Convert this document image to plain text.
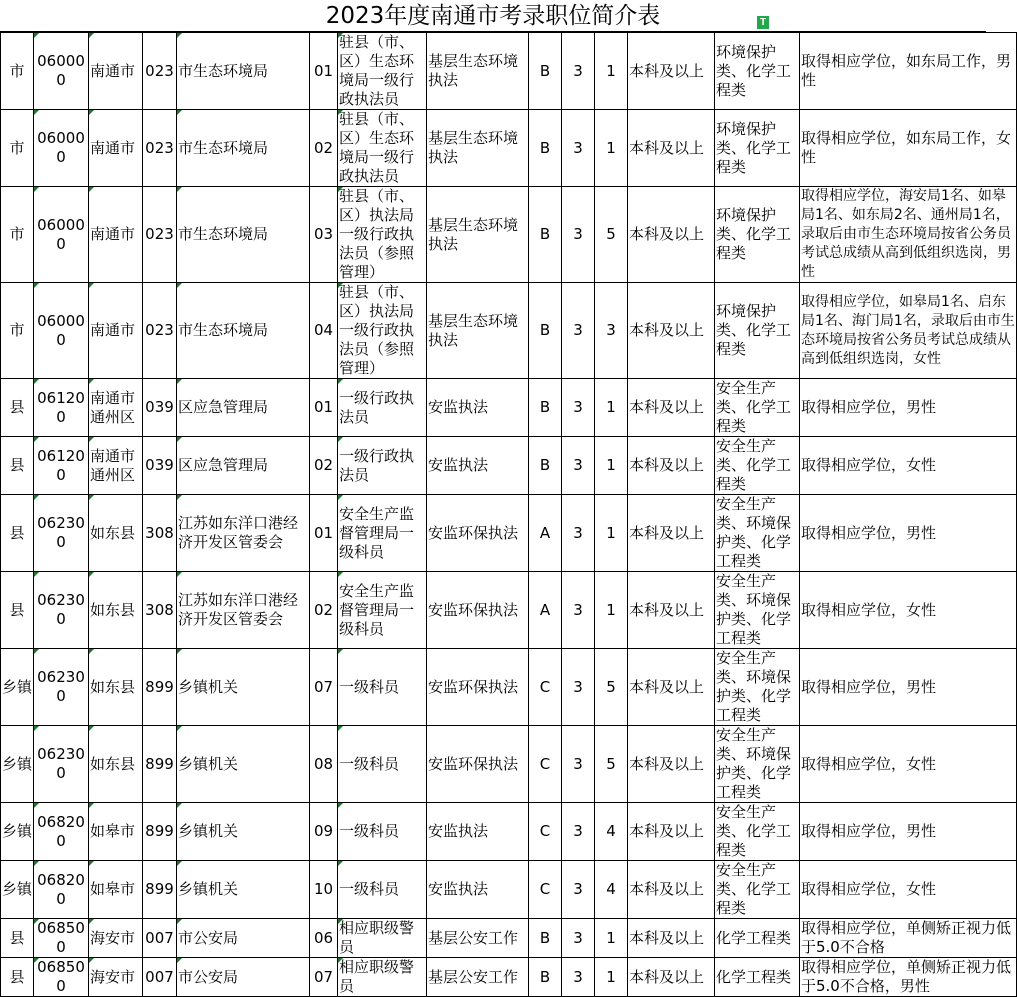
2023年度南通市考录职位简介表	T
市	060000	南通市	023	市生态环境局	01	驻县（市、区）生态环境局一级行政执法员	基层生态环境执法	B	3	1	本科及以上	环境保护类、化学工程类	取得相应学位，如东局工作，男性
市	060000	南通市	023	市生态环境局	02	驻县（市、区）生态环境局一级行政执法员	基层生态环境执法	B	3	1	本科及以上	环境保护类、化学工程类	取得相应学位，如东局工作，女性
市	060000	南通市	023	市生态环境局	03	驻县（市、区）执法局一级行政执法员（参照管理）	基层生态环境执法	B	3	5	本科及以上	环境保护类、化学工程类	取得相应学位，海安局1名、如皋局1名、如东局2名、通州局1名，录取后由市生态环境局按省公务员考试总成绩从高到低组织选岗，男性
市	060000	南通市	023	市生态环境局	04	驻县（市、区）执法局一级行政执法员（参照管理）	基层生态环境执法	B	3	3	本科及以上	环境保护类、化学工程类	取得相应学位，如皋局1名、启东局1名、海门局1名，录取后由市生态环境局按省公务员考试总成绩从高到低组织选岗，女性
县	061200	南通市通州区	039	区应急管理局	01	一级行政执法员	安监执法	B	3	1	本科及以上	安全生产类、化学工程类	取得相应学位，男性
县	061200	南通市通州区	039	区应急管理局	02	一级行政执法员	安监执法	B	3	1	本科及以上	安全生产类、化学工程类	取得相应学位，女性
县	062300	如东县	308	江苏如东洋口港经济开发区管委会	01	安全生产监督管理局一级科员	安监环保执法	A	3	1	本科及以上	安全生产类、环境保护类、化学工程类	取得相应学位，男性
县	062300	如东县	308	江苏如东洋口港经济开发区管委会	02	安全生产监督管理局一级科员	安监环保执法	A	3	1	本科及以上	安全生产类、环境保护类、化学工程类	取得相应学位，女性
乡镇	062300	如东县	899	乡镇机关	07	一级科员	安监环保执法	C	3	5	本科及以上	安全生产类、环境保护类、化学工程类	取得相应学位，男性
乡镇	062300	如东县	899	乡镇机关	08	一级科员	安监环保执法	C	3	5	本科及以上	安全生产类、环境保护类、化学工程类	取得相应学位，女性
乡镇	068200	如皋市	899	乡镇机关	09	一级科员	安监执法	C	3	4	本科及以上	安全生产类、化学工程类	取得相应学位，男性
乡镇	068200	如皋市	899	乡镇机关	10	一级科员	安监执法	C	3	4	本科及以上	安全生产类、化学工程类	取得相应学位，女性
县	068500	海安市	007	市公安局	06	相应职级警员	基层公安工作	B	3	1	本科及以上	化学工程类	取得相应学位，单侧矫正视力低于5.0不合格
县	068500	海安市	007	市公安局	07	相应职级警员	基层公安工作	B	3	1	本科及以上	化学工程类	取得相应学位，单侧矫正视力低于5.0不合格，男性
